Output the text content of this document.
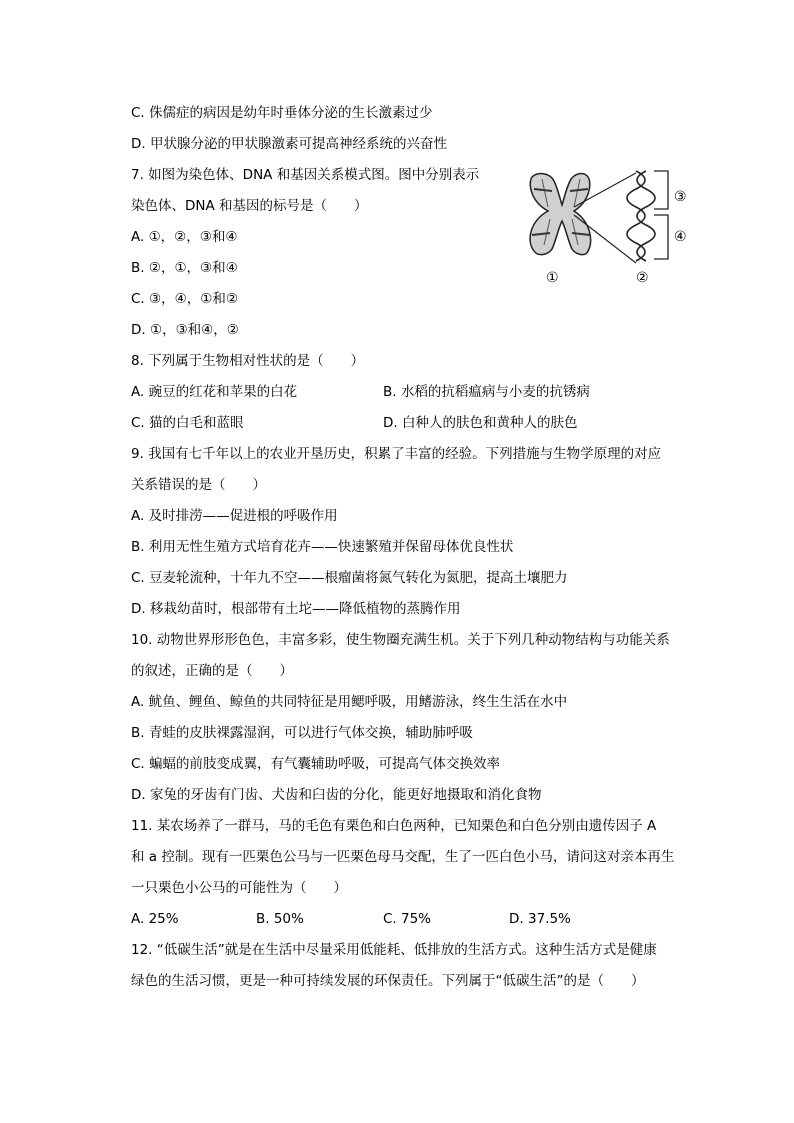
C. 侏儒症的病因是幼年时垂体分泌的生长激素过少
D. 甲状腺分泌的甲状腺激素可提高神经系统的兴奋性
7. 如图为染色体、DNA 和基因关系模式图。图中分别表示
染色体、DNA 和基因的标号是（　　）
A. ①，②，③和④
B. ②，①，③和④
C. ③，④，①和②
D. ①，③和④，②
③
④
①	②
8. 下列属于生物相对性状的是（　　）
A. 豌豆的红花和苹果的白花	B. 水稻的抗稻瘟病与小麦的抗锈病
C. 猫的白毛和蓝眼	D. 白种人的肤色和黄种人的肤色
9. 我国有七千年以上的农业开垦历史，积累了丰富的经验。下列措施与生物学原理的对应
关系错误的是（　　）
A. 及时排涝——促进根的呼吸作用
B. 利用无性生殖方式培育花卉——快速繁殖并保留母体优良性状
C. 豆麦轮流种，十年九不空——根瘤菌将氮气转化为氮肥，提高土壤肥力
D. 移栽幼苗时，根部带有土坨——降低植物的蒸腾作用
10. 动物世界形形色色，丰富多彩，使生物圈充满生机。关于下列几种动物结构与功能关系
的叙述，正确的是（　　）
A. 鱿鱼、鲤鱼、鲸鱼的共同特征是用鳃呼吸，用鳍游泳，终生生活在水中
B. 青蛙的皮肤裸露湿润，可以进行气体交换，辅助肺呼吸
C. 蝙蝠的前肢变成翼，有气囊辅助呼吸，可提高气体交换效率
D. 家兔的牙齿有门齿、犬齿和臼齿的分化，能更好地摄取和消化食物
11. 某农场养了一群马，马的毛色有栗色和白色两种，已知栗色和白色分别由遗传因子 A
和 a 控制。现有一匹栗色公马与一匹栗色母马交配，生了一匹白色小马，请问这对亲本再生
一只栗色小公马的可能性为（　　）
A. 25%	B. 50%	C. 75%	D. 37.5%
12. “低碳生活”就是在生活中尽量采用低能耗、低排放的生活方式。这种生活方式是健康
绿色的生活习惯，更是一种可持续发展的环保责任。下列属于“低碳生活”的是（　　）
